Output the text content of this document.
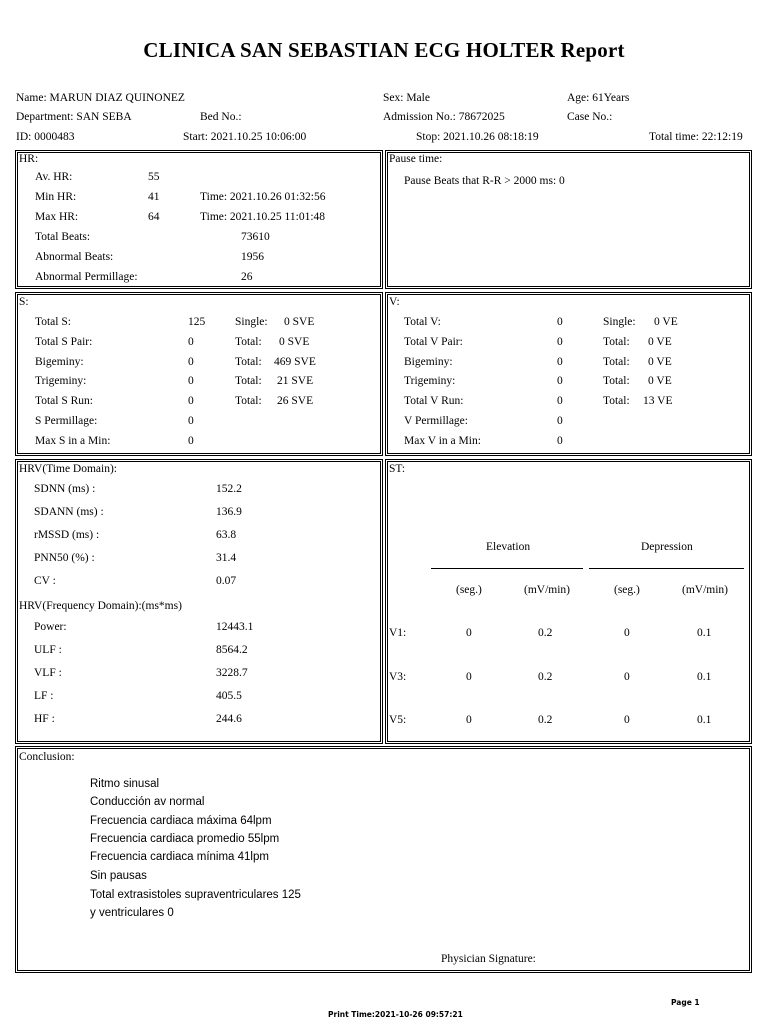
CLINICA SAN SEBASTIAN ECG HOLTER Report
Name: MARUN DIAZ QUINONEZ	Sex: Male	Age: 61Years
Department: SAN SEBA	Bed No.:	Admission No.: 78672025	Case No.:
ID: 0000483	Start: 2021.10.25 10:06:00	Stop: 2021.10.26 08:18:19	Total time: 22:12:19
HR:
Av. HR:	55
Min HR:	41	Time: 2021.10.26 01:32:56
Max HR:	64	Time: 2021.10.25 11:01:48
Total Beats:	73610
Abnormal Beats:	1956
Abnormal Permillage:	26
Pause time:
Pause Beats that R-R > 2000 ms: 0
S:
Total S:	125	Single: 0 SVE
Total S Pair:	0	Total: 0 SVE
Bigeminy:	0	Total: 469 SVE
Trigeminy:	0	Total: 21 SVE
Total S Run:	0	Total: 26 SVE
S Permillage:	0
Max S in a Min:	0
V:
Total V:	0	Single: 0 VE
Total V Pair:	0	Total: 0 VE
Bigeminy:	0	Total: 0 VE
Trigeminy:	0	Total: 0 VE
Total V Run:	0	Total: 13 VE
V Permillage:	0
Max V in a Min:	0
HRV(Time Domain):
SDNN (ms) :	152.2
SDANN (ms) :	136.9
rMSSD (ms) :	63.8
PNN50 (%) :	31.4
CV :	0.07
HRV(Frequency Domain):(ms*ms)
Power:	12443.1
ULF :	8564.2
VLF :	3228.7
LF :	405.5
HF :	244.6
ST:
Elevation	Depression
(seg.)	(mV/min)	(seg.)	(mV/min)
V1:	0	0.2	0	0.1
V3:	0	0.2	0	0.1
V5:	0	0.2	0	0.1
Conclusion:
Ritmo sinusal
Conducción av normal
Frecuencia cardiaca máxima 64lpm
Frecuencia cardiaca promedio 55lpm
Frecuencia cardiaca mínima 41lpm
Sin pausas
Total extrasistoles supraventriculares 125
y ventriculares 0
Physician Signature:
Page 1
Print Time:2021-10-26 09:57:21
